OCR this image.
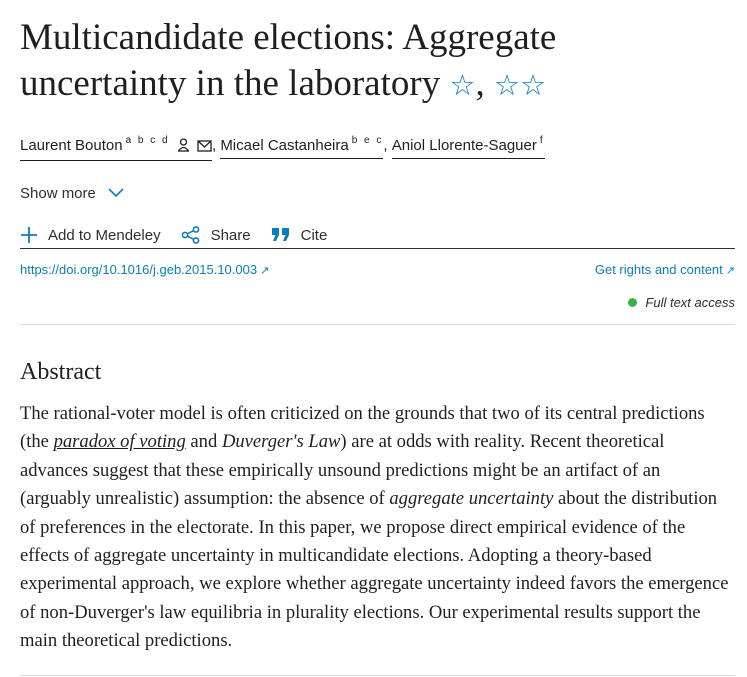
Multicandidate elections: Aggregate
uncertainty in the laboratory ☆, ☆☆
Laurent Bouton $^{a b c d}$	, Micael Castanheira $^{b e c}$, Aniol Llorente-Saguer $^f$
Show more
Add to Mendeley	Share	Cite
https://doi.org/10.1016/j.geb.2015.10.003 ↗	Get rights and content ↗
Full text access
Abstract
The rational-voter model is often criticized on the grounds that two of its central predictions (the paradox of voting and Duverger's Law) are at odds with reality. Recent theoretical advances suggest that these empirically unsound predictions might be an artifact of an (arguably unrealistic) assumption: the absence of aggregate uncertainty about the distribution of preferences in the electorate. In this paper, we propose direct empirical evidence of the effects of aggregate uncertainty in multicandidate elections. Adopting a theory-based experimental approach, we explore whether aggregate uncertainty indeed favors the emergence of non-Duverger's law equilibria in plurality elections. Our experimental results support the main theoretical predictions.
